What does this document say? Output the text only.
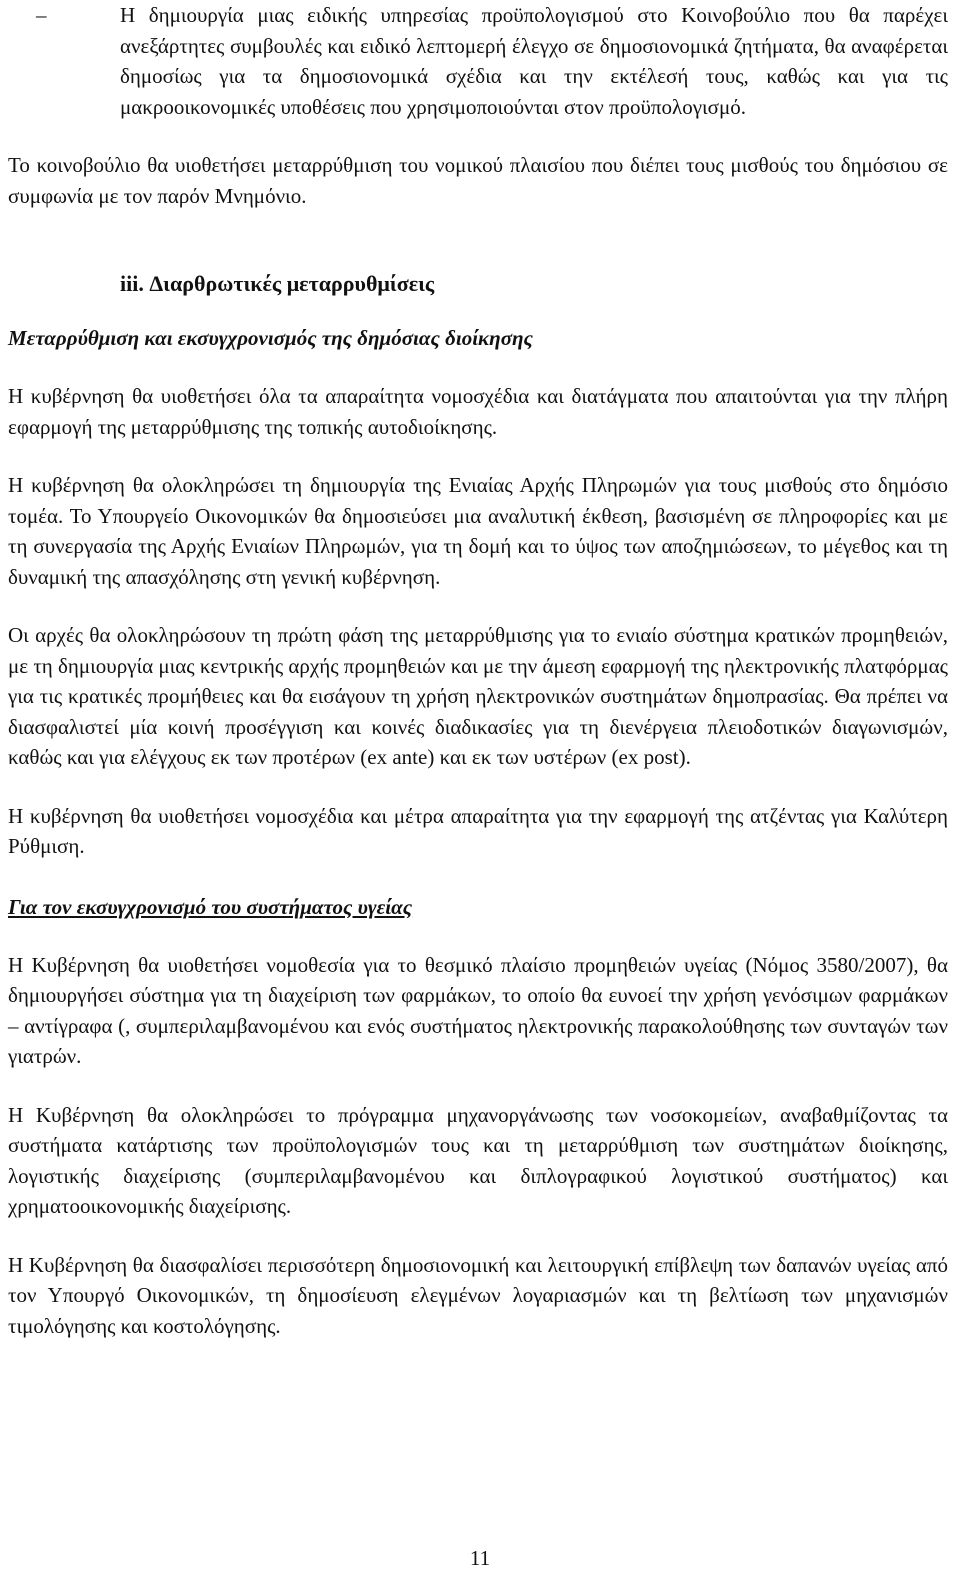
–	Η δημιουργία μιας ειδικής υπηρεσίας προϋπολογισμού στο Κοινοβούλιο που θα παρέχει ανεξάρτητες συμβουλές και ειδικό λεπτομερή έλεγχο σε δημοσιονομικά ζητήματα, θα αναφέρεται δημοσίως για τα δημοσιονομικά σχέδια και την εκτέλεσή τους, καθώς και για τις μακροοικονομικές υποθέσεις που χρησιμοποιούνται στον προϋπολογισμό.

Το κοινοβούλιο θα υιοθετήσει μεταρρύθμιση του νομικού πλαισίου που διέπει τους μισθούς του δημόσιου σε συμφωνία με τον παρόν Μνημόνιο.

iii. Διαρθρωτικές μεταρρυθμίσεις

Μεταρρύθμιση και εκσυγχρονισμός της δημόσιας διοίκησης

Η κυβέρνηση θα υιοθετήσει όλα τα απαραίτητα νομοσχέδια και διατάγματα που απαιτούνται για την πλήρη εφαρμογή της μεταρρύθμισης της τοπικής αυτοδιοίκησης.

Η κυβέρνηση θα ολοκληρώσει τη δημιουργία της Ενιαίας Αρχής Πληρωμών για τους μισθούς στο δημόσιο τομέα. Το Υπουργείο Οικονομικών θα δημοσιεύσει μια αναλυτική έκθεση, βασισμένη σε πληροφορίες και με τη συνεργασία της Αρχής Ενιαίων Πληρωμών, για τη δομή και το ύψος των αποζημιώσεων, το μέγεθος και τη δυναμική της απασχόλησης στη γενική κυβέρνηση.

Οι αρχές θα ολοκληρώσουν τη πρώτη φάση της μεταρρύθμισης για το ενιαίο σύστημα κρατικών προμηθειών, με τη δημιουργία μιας κεντρικής αρχής προμηθειών και με την άμεση εφαρμογή της ηλεκτρονικής πλατφόρμας για τις κρατικές προμήθειες και θα εισάγουν τη χρήση ηλεκτρονικών συστημάτων δημοπρασίας. Θα πρέπει να διασφαλιστεί μία κοινή προσέγγιση και κοινές διαδικασίες για τη διενέργεια πλειοδοτικών διαγωνισμών, καθώς και για ελέγχους εκ των προτέρων (ex ante) και εκ των υστέρων (ex post).

Η κυβέρνηση θα υιοθετήσει νομοσχέδια και μέτρα απαραίτητα για την εφαρμογή της ατζέντας για Καλύτερη Ρύθμιση.

Για τον εκσυγχρονισμό του συστήματος υγείας

Η Κυβέρνηση θα υιοθετήσει νομοθεσία για το θεσμικό πλαίσιο προμηθειών υγείας (Νόμος 3580/2007), θα δημιουργήσει σύστημα για τη διαχείριση των φαρμάκων, το οποίο θα ευνοεί την χρήση γενόσιμων φαρμάκων – αντίγραφα (, συμπεριλαμβανομένου και ενός συστήματος ηλεκτρονικής παρακολούθησης των συνταγών των γιατρών.

Η Κυβέρνηση θα ολοκληρώσει το πρόγραμμα μηχανοργάνωσης των νοσοκομείων, αναβαθμίζοντας τα συστήματα κατάρτισης των προϋπολογισμών τους και τη μεταρρύθμιση των συστημάτων διοίκησης, λογιστικής διαχείρισης (συμπεριλαμβανομένου και διπλογραφικού λογιστικού συστήματος) και χρηματοοικονομικής διαχείρισης.

Η Κυβέρνηση θα διασφαλίσει περισσότερη δημοσιονομική και λειτουργική επίβλεψη των δαπανών υγείας από τον Υπουργό Οικονομικών, τη δημοσίευση ελεγμένων λογαριασμών και τη βελτίωση των μηχανισμών τιμολόγησης και κοστολόγησης.

11
